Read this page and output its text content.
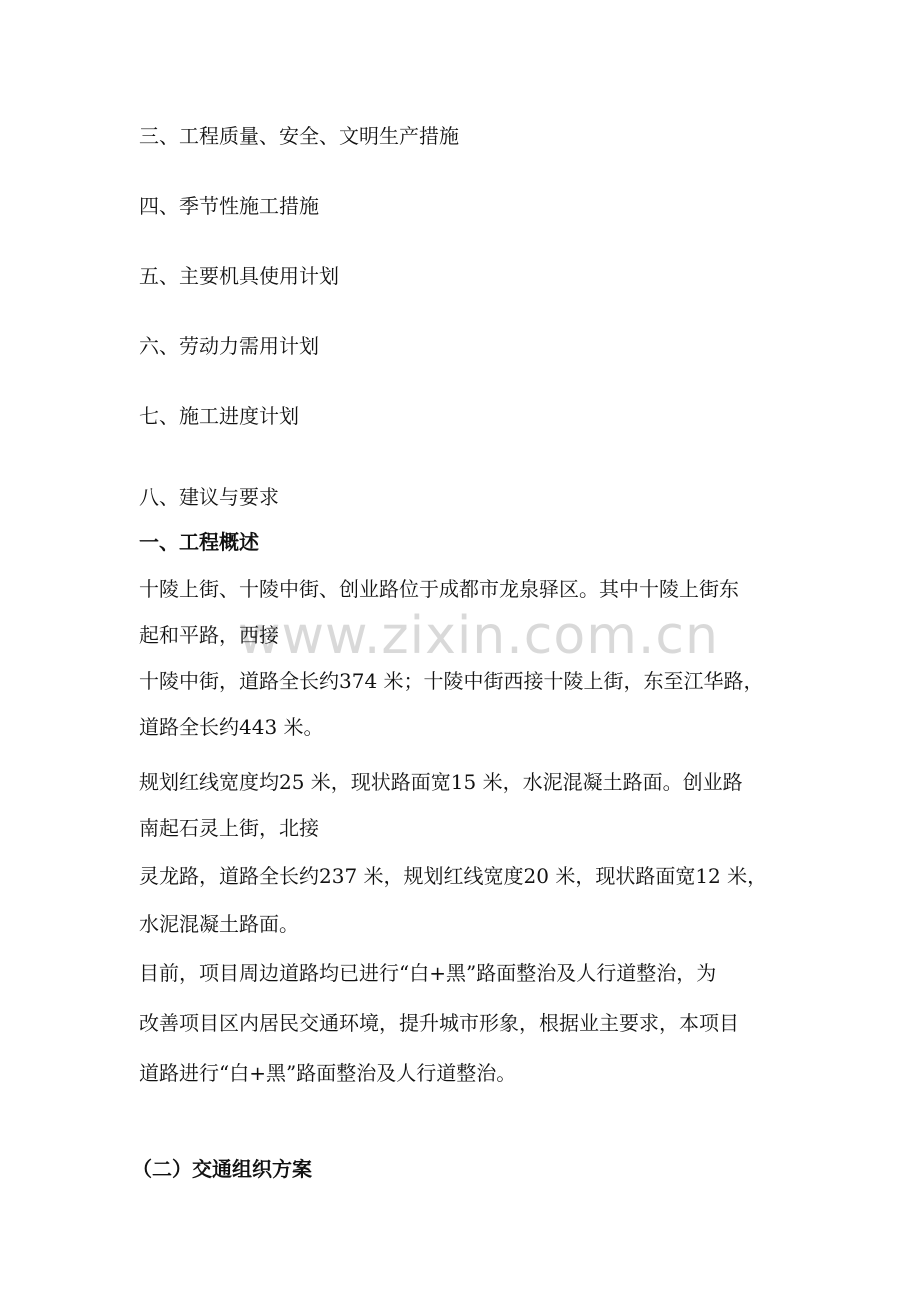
www.zixin.com.cn
三、工程质量、安全、文明生产措施
四、季节性施工措施
五、主要机具使用计划
六、劳动力需用计划
七、施工进度计划
八、建议与要求
一、工程概述
十陵上街、十陵中街、创业路位于成都市龙泉驿区。其中十陵上街东
起和平路，西接
十陵中街，道路全长约374 米；十陵中街西接十陵上街，东至江华路，
道路全长约443 米。
规划红线宽度均25 米，现状路面宽15 米，水泥混凝土路面。创业路
南起石灵上街，北接
灵龙路，道路全长约237 米，规划红线宽度20 米，现状路面宽12 米，
水泥混凝土路面。
目前，项目周边道路均已进行“白+黑”路面整治及人行道整治，为
改善项目区内居民交通环境，提升城市形象，根据业主要求，本项目
道路进行“白+黑”路面整治及人行道整治。
（二）交通组织方案
